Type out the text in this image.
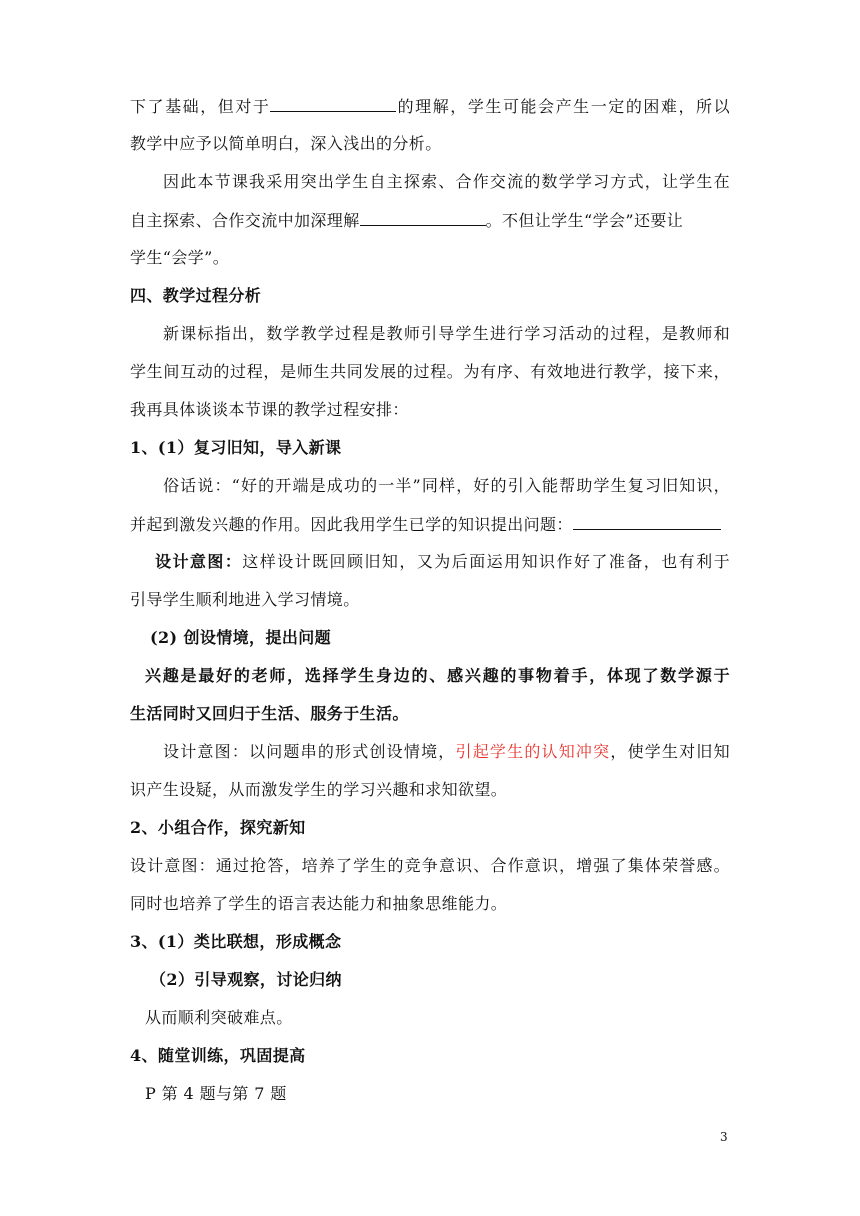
下了基础，但对于	的理解，学生可能会产生一定的困难，所以
教学中应予以简单明白，深入浅出的分析。
因此本节课我采用突出学生自主探索、合作交流的数学学习方式，让学生在
自主探索、合作交流中加深理解	。不但让学生“学会”还要让
学生“会学”。
四、教学过程分析
新课标指出，数学教学过程是教师引导学生进行学习活动的过程，是教师和
学生间互动的过程，是师生共同发展的过程。为有序、有效地进行教学，接下来，
我再具体谈谈本节课的教学过程安排：
1、(1）复习旧知，导入新课
俗话说：“好的开端是成功的一半”同样，好的引入能帮助学生复习旧知识，
并起到激发兴趣的作用。因此我用学生已学的知识提出问题：
设计意图：这样设计既回顾旧知，又为后面运用知识作好了准备，也有利于
引导学生顺利地进入学习情境。
(2) 创设情境，提出问题
兴趣是最好的老师，选择学生身边的、感兴趣的事物着手，体现了数学源于
生活同时又回归于生活、服务于生活。
设计意图：以问题串的形式创设情境，引起学生的认知冲突，使学生对旧知
识产生设疑，从而激发学生的学习兴趣和求知欲望。
2、小组合作，探究新知
设计意图：通过抢答，培养了学生的竞争意识、合作意识，增强了集体荣誉感。
同时也培养了学生的语言表达能力和抽象思维能力。
3、(1）类比联想，形成概念
（2）引导观察，讨论归纳
从而顺利突破难点。
4、随堂训练，巩固提高
P 第 4 题与第 7 题
3
